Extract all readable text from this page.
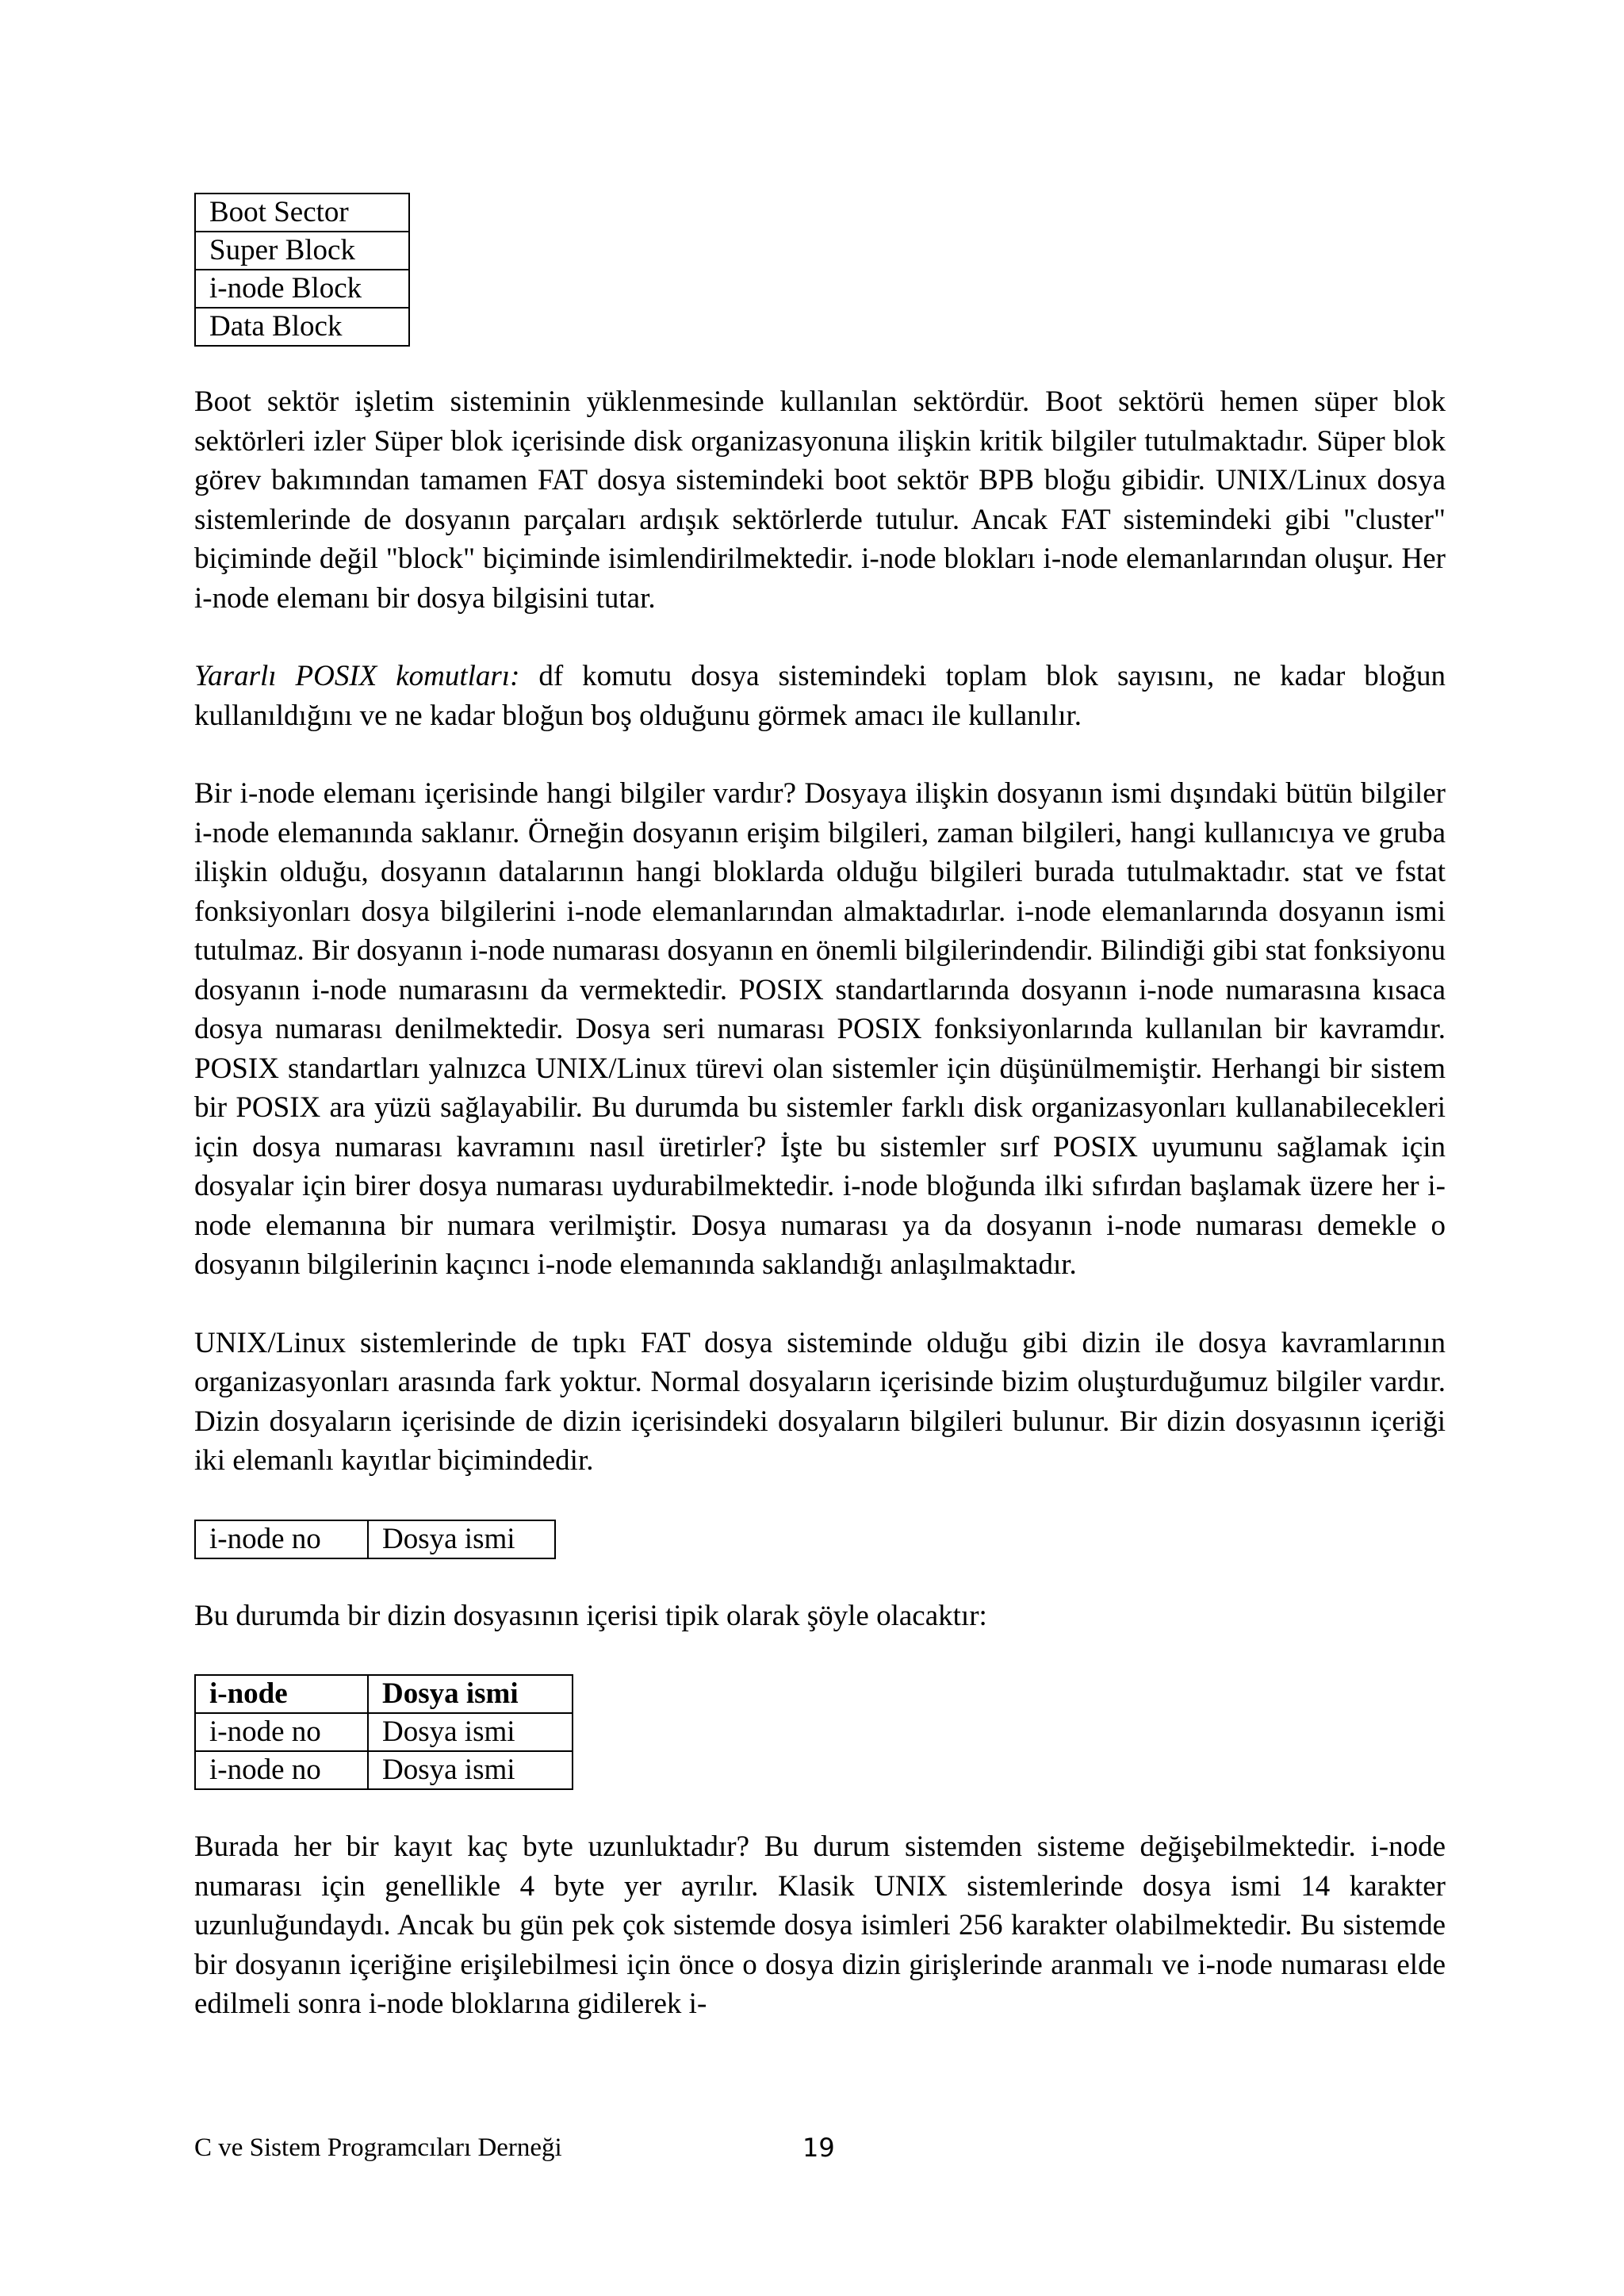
Boot Sector
Super Block
i-node Block
Data Block

Boot sektör işletim sisteminin yüklenmesinde kullanılan sektördür. Boot sektörü hemen süper blok sektörleri izler Süper blok içerisinde disk organizasyonuna ilişkin kritik bilgiler tutulmaktadır. Süper blok görev bakımından tamamen FAT dosya sistemindeki boot sektör BPB bloğu gibidir. UNIX/Linux dosya sistemlerinde de dosyanın parçaları ardışık sektörlerde tutulur. Ancak FAT sistemindeki gibi "cluster" biçiminde değil "block" biçiminde isimlendirilmektedir. i-node blokları i-node elemanlarından oluşur. Her i-node elemanı bir dosya bilgisini tutar.

Yararlı POSIX komutları: df komutu dosya sistemindeki toplam blok sayısını, ne kadar bloğun kullanıldığını ve ne kadar bloğun boş olduğunu görmek amacı ile kullanılır.

Bir i-node elemanı içerisinde hangi bilgiler vardır? Dosyaya ilişkin dosyanın ismi dışındaki bütün bilgiler i-node elemanında saklanır. Örneğin dosyanın erişim bilgileri, zaman bilgileri, hangi kullanıcıya ve gruba ilişkin olduğu, dosyanın datalarının hangi bloklarda olduğu bilgileri burada tutulmaktadır. stat ve fstat fonksiyonları dosya bilgilerini i-node elemanlarından almaktadırlar. i-node elemanlarında dosyanın ismi tutulmaz. Bir dosyanın i-node numarası dosyanın en önemli bilgilerindendir. Bilindiği gibi stat fonksiyonu dosyanın i-node numarasını da vermektedir. POSIX standartlarında dosyanın i-node numarasına kısaca dosya numarası denilmektedir. Dosya seri numarası POSIX fonksiyonlarında kullanılan bir kavramdır. POSIX standartları yalnızca UNIX/Linux türevi olan sistemler için düşünülmemiştir. Herhangi bir sistem bir POSIX ara yüzü sağlayabilir. Bu durumda bu sistemler farklı disk organizasyonları kullanabilecekleri için dosya numarası kavramını nasıl üretirler? İşte bu sistemler sırf POSIX uyumunu sağlamak için dosyalar için birer dosya numarası uydurabilmektedir. i-node bloğunda ilki sıfırdan başlamak üzere her i-node elemanına bir numara verilmiştir. Dosya numarası ya da dosyanın i-node numarası demekle o dosyanın bilgilerinin kaçıncı i-node elemanında saklandığı anlaşılmaktadır.

UNIX/Linux sistemlerinde de tıpkı FAT dosya sisteminde olduğu gibi dizin ile dosya kavramlarının organizasyonları arasında fark yoktur. Normal dosyaların içerisinde bizim oluşturduğumuz bilgiler vardır. Dizin dosyaların içerisinde de dizin içerisindeki dosyaların bilgileri bulunur. Bir dizin dosyasının içeriği iki elemanlı kayıtlar biçimindedir.

i-node no	Dosya ismi

Bu durumda bir dizin dosyasının içerisi tipik olarak şöyle olacaktır:

i-node	Dosya ismi
i-node no	Dosya ismi
i-node no	Dosya ismi

Burada her bir kayıt kaç byte uzunluktadır? Bu durum sistemden sisteme değişebilmektedir. i-node numarası için genellikle 4 byte yer ayrılır. Klasik UNIX sistemlerinde dosya ismi 14 karakter uzunluğundaydı. Ancak bu gün pek çok sistemde dosya isimleri 256 karakter olabilmektedir. Bu sistemde bir dosyanın içeriğine erişilebilmesi için önce o dosya dizin girişlerinde aranmalı ve i-node numarası elde edilmeli sonra i-node bloklarına gidilerek i-

C ve Sistem Programcıları Derneği	19
